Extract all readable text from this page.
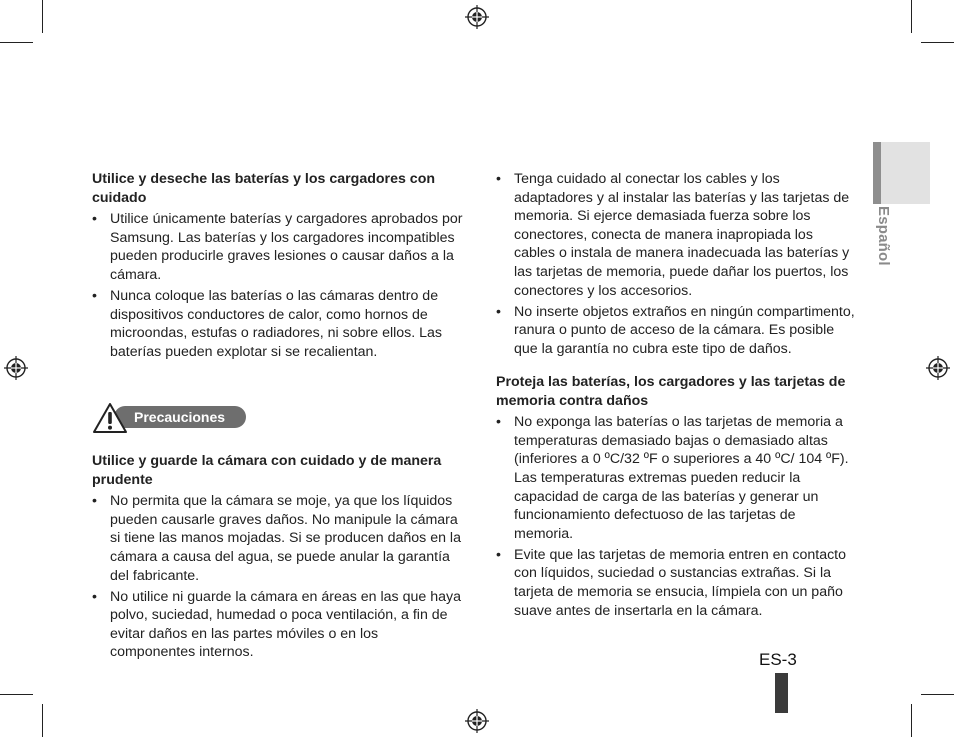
Español

Utilice y deseche las baterías y los cargadores con cuidado

• Utilice únicamente baterías y cargadores aprobados por Samsung. Las baterías y los cargadores incompatibles pueden producirle graves lesiones o causar daños a la cámara.
• Nunca coloque las baterías o las cámaras dentro de dispositivos conductores de calor, como hornos de microondas, estufas o radiadores, ni sobre ellos. Las baterías pueden explotar si se recalientan.
Precauciones

Utilice y guarde la cámara con cuidado y de manera prudente

• No permita que la cámara se moje, ya que los líquidos pueden causarle graves daños. No manipule la cámara si tiene las manos mojadas. Si se producen daños en la cámara a causa del agua, se puede anular la garantía del fabricante.
• No utilice ni guarde la cámara en áreas en las que haya polvo, suciedad, humedad o poca ventilación, a fin de evitar daños en las partes móviles o en los componentes internos.
• Tenga cuidado al conectar los cables y los adaptadores y al instalar las baterías y las tarjetas de memoria. Si ejerce demasiada fuerza sobre los conectores, conecta de manera inapropiada los cables o instala de manera inadecuada las baterías y las tarjetas de memoria, puede dañar los puertos, los conectores y los accesorios.
• No inserte objetos extraños en ningún compartimento, ranura o punto de acceso de la cámara. Es posible que la garantía no cubra este tipo de daños.

Proteja las baterías, los cargadores y las tarjetas de memoria contra daños

• No exponga las baterías o las tarjetas de memoria a temperaturas demasiado bajas o demasiado altas (inferiores a 0 ºC/32 ºF o superiores a 40 ºC/ 104 ºF). Las temperaturas extremas pueden reducir la capacidad de carga de las baterías y generar un funcionamiento defectuoso de las tarjetas de memoria.
• Evite que las tarjetas de memoria entren en contacto con líquidos, suciedad o sustancias extrañas. Si la tarjeta de memoria se ensucia, límpiela con un paño suave antes de insertarla en la cámara.
ES-3
